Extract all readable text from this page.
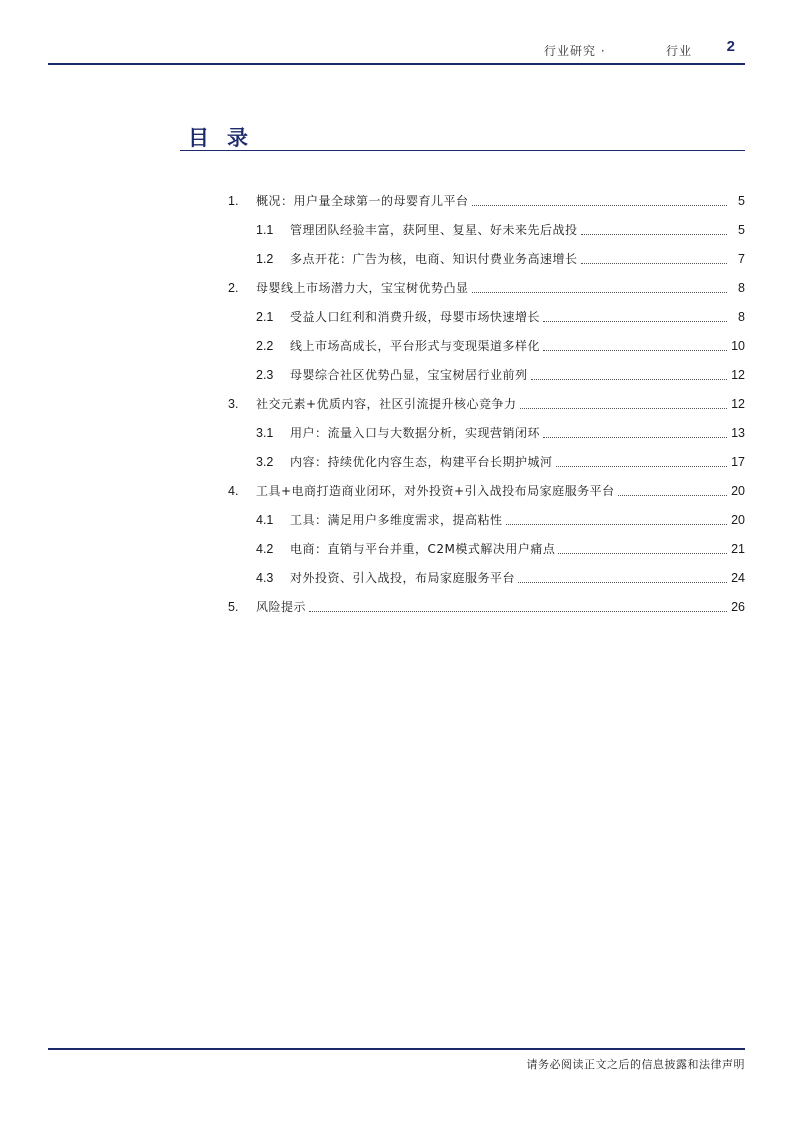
行业研究 ·	行业 2
目录
1.	概况：用户量全球第一的母婴育儿平台	5
1.1	管理团队经验丰富，获阿里、复星、好未来先后战投	5
1.2	多点开花：广告为核，电商、知识付费业务高速增长	7
2.	母婴线上市场潜力大，宝宝树优势凸显	8
2.1	受益人口红利和消费升级，母婴市场快速增长	8
2.2	线上市场高成长，平台形式与变现渠道多样化	10
2.3	母婴综合社区优势凸显，宝宝树居行业前列	12
3.	社交元素+优质内容，社区引流提升核心竞争力	12
3.1	用户：流量入口与大数据分析，实现营销闭环	13
3.2	内容：持续优化内容生态，构建平台长期护城河	17
4.	工具+电商打造商业闭环，对外投资+引入战投布局家庭服务平台	20
4.1	工具：满足用户多维度需求，提高粘性	20
4.2	电商：直销与平台并重，C2M模式解决用户痛点	21
4.3	对外投资、引入战投，布局家庭服务平台	24
5.	风险提示	26
请务必阅读正文之后的信息披露和法律声明
